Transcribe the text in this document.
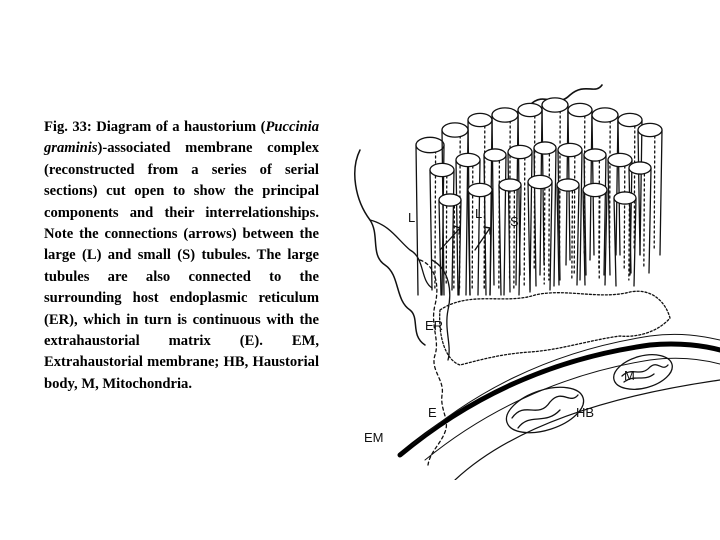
Fig. 33: Diagram of a haustorium (Puccinia graminis)-associated membrane complex (reconstructed from a series of serial sections) cut open to show the principal components and their interrelationships. Note the connections (arrows) between the large (L) and small (S) tubules. The large tubules are also connected to the surrounding host endoplasmic reticulum (ER), which in turn is continuous with the extrahaustorial matrix (E). EM, Extrahaustorial membrane; HB, Haustorial body, M, Mitochondria.

L	L
S
ER
M
E	HB
EM
